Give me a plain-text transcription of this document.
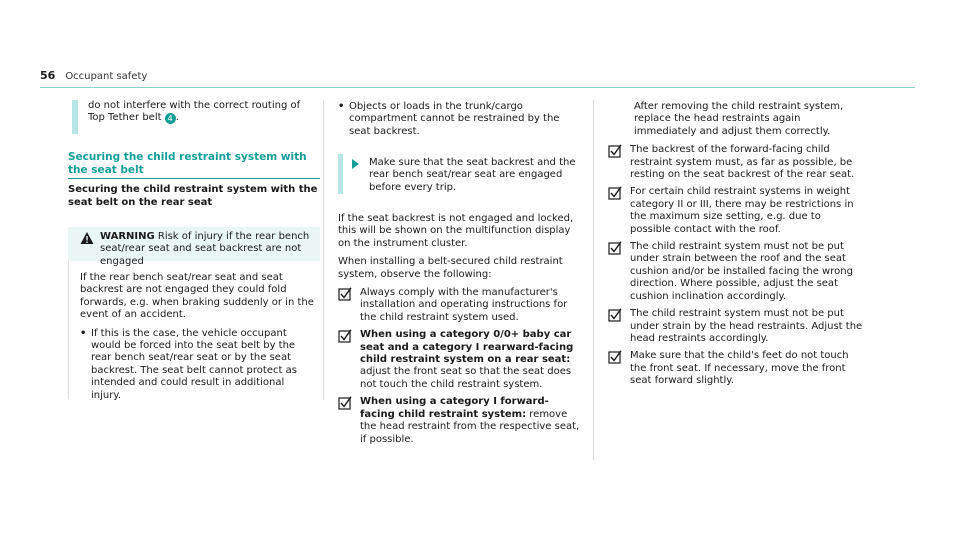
56 Occupant safety
do not interfere with the correct routing of Top Tether belt 4 .
Securing the child restraint system with the seat belt
Securing the child restraint system with the seat belt on the rear seat
WARNING Risk of injury if the rear bench seat/rear seat and seat backrest are not engaged

If the rear bench seat/rear seat and seat backrest are not engaged they could fold forwards, e.g. when braking suddenly or in the event of an accident.

• If this is the case, the vehicle occupant would be forced into the seat belt by the rear bench seat/rear seat or by the seat backrest. The seat belt cannot protect as intended and could result in additional injury.
• Objects or loads in the trunk/cargo compartment cannot be restrained by the seat backrest.
Make sure that the seat backrest and the rear bench seat/rear seat are engaged before every trip.

If the seat backrest is not engaged and locked, this will be shown on the multifunction display on the instrument cluster.

When installing a belt-secured child restraint system, observe the following:

Always comply with the manufacturer's installation and operating instructions for the child restraint system used.
When using a category 0/0+ baby car seat and a category I rearward-facing child restraint system on a rear seat: adjust the front seat so that the seat does not touch the child restraint system.
When using a category I forward-facing child restraint system: remove the head restraint from the respective seat, if possible.

After removing the child restraint system, replace the head restraints again immediately and adjust them correctly.

The backrest of the forward-facing child restraint system must, as far as possible, be resting on the seat backrest of the rear seat.
For certain child restraint systems in weight category II or III, there may be restrictions in the maximum size setting, e.g. due to possible contact with the roof.
The child restraint system must not be put under strain between the roof and the seat cushion and/or be installed facing the wrong direction. Where possible, adjust the seat cushion inclination accordingly.
The child restraint system must not be put under strain by the head restraints. Adjust the head restraints accordingly.
Make sure that the child's feet do not touch the front seat. If necessary, move the front seat forward slightly.
